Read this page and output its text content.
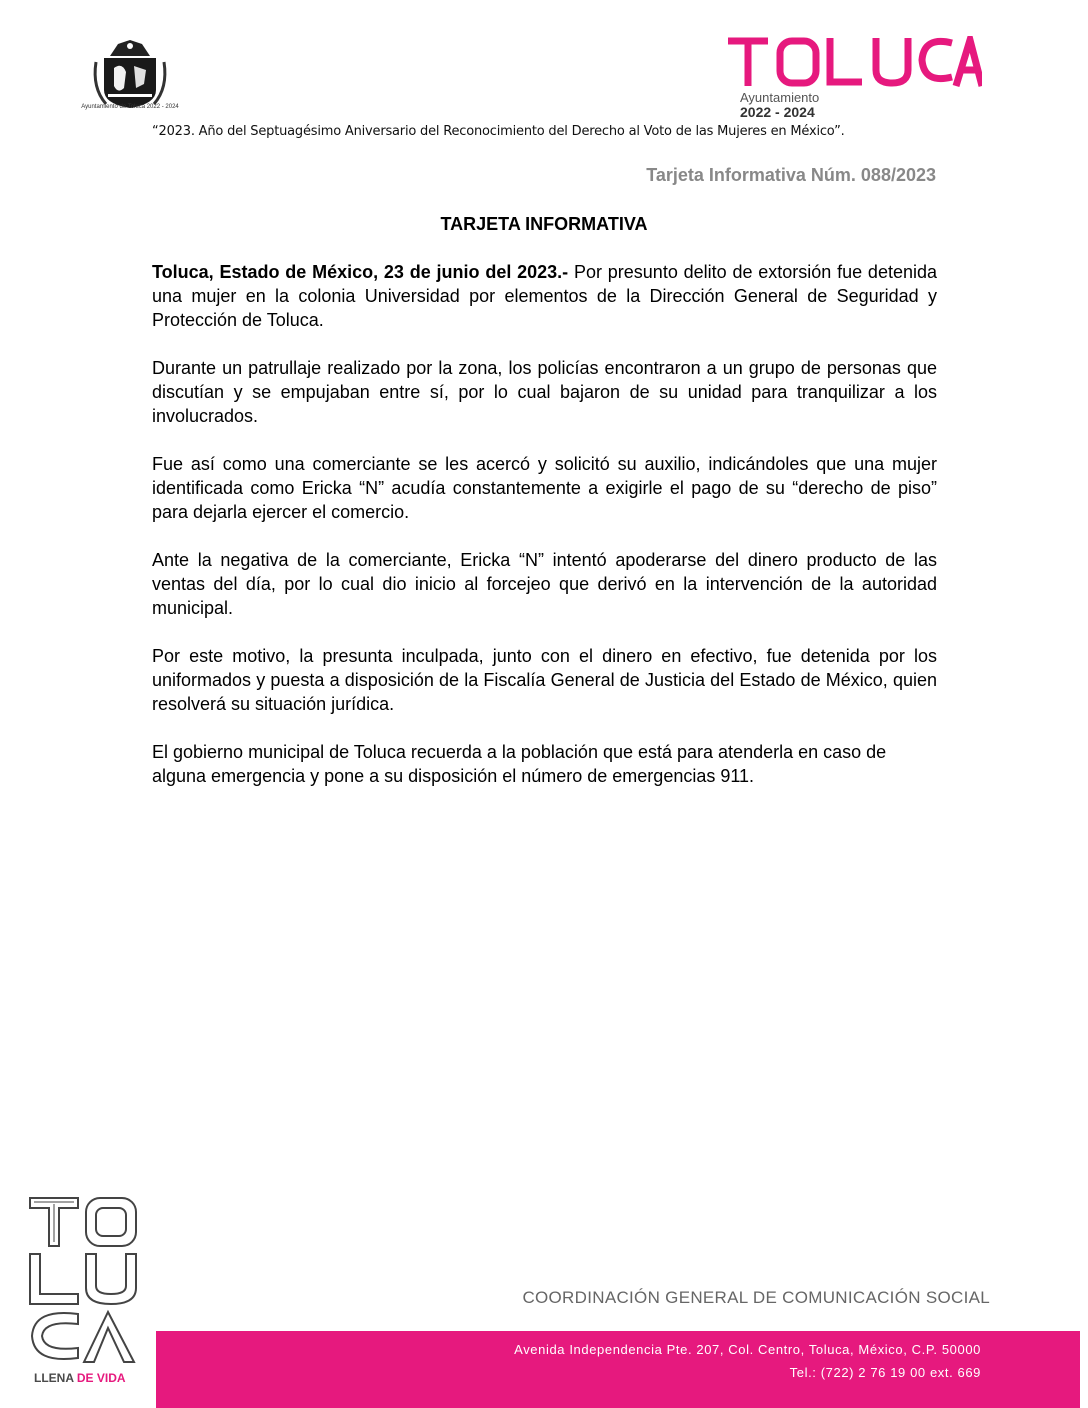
Ayuntamiento de Toluca 2022 - 2024
TOLUCA
Ayuntamiento
2022 - 2024
“2023. Año del Septuagésimo Aniversario del Reconocimiento del Derecho al Voto de las Mujeres en México”.
Tarjeta Informativa Núm. 088/2023
TARJETA INFORMATIVA

Toluca, Estado de México, 23 de junio del 2023.- Por presunto delito de extorsión fue detenida una mujer en la colonia Universidad por elementos de la Dirección General de Seguridad y Protección de Toluca.

Durante un patrullaje realizado por la zona, los policías encontraron a un grupo de personas que discutían y se empujaban entre sí, por lo cual bajaron de su unidad para tranquilizar a los involucrados.

Fue así como una comerciante se les acercó y solicitó su auxilio, indicándoles que una mujer identificada como Ericka “N” acudía constantemente a exigirle el pago de su “derecho de piso” para dejarla ejercer el comercio.

Ante la negativa de la comerciante, Ericka “N” intentó apoderarse del dinero producto de las ventas del día, por lo cual dio inicio al forcejeo que derivó en la intervención de la autoridad municipal.

Por este motivo, la presunta inculpada, junto con el dinero en efectivo, fue detenida por los uniformados y puesta a disposición de la Fiscalía General de Justicia del Estado de México, quien resolverá su situación jurídica.

El gobierno municipal de Toluca recuerda a la población que está para atenderla en caso de alguna emergencia y pone a su disposición el número de emergencias 911.

TOLUCA
LLENA DE VIDA
COORDINACIÓN GENERAL DE COMUNICACIÓN SOCIAL
Avenida Independencia Pte. 207, Col. Centro, Toluca, México, C.P. 50000
Tel.: (722) 2 76 19 00 ext. 669
